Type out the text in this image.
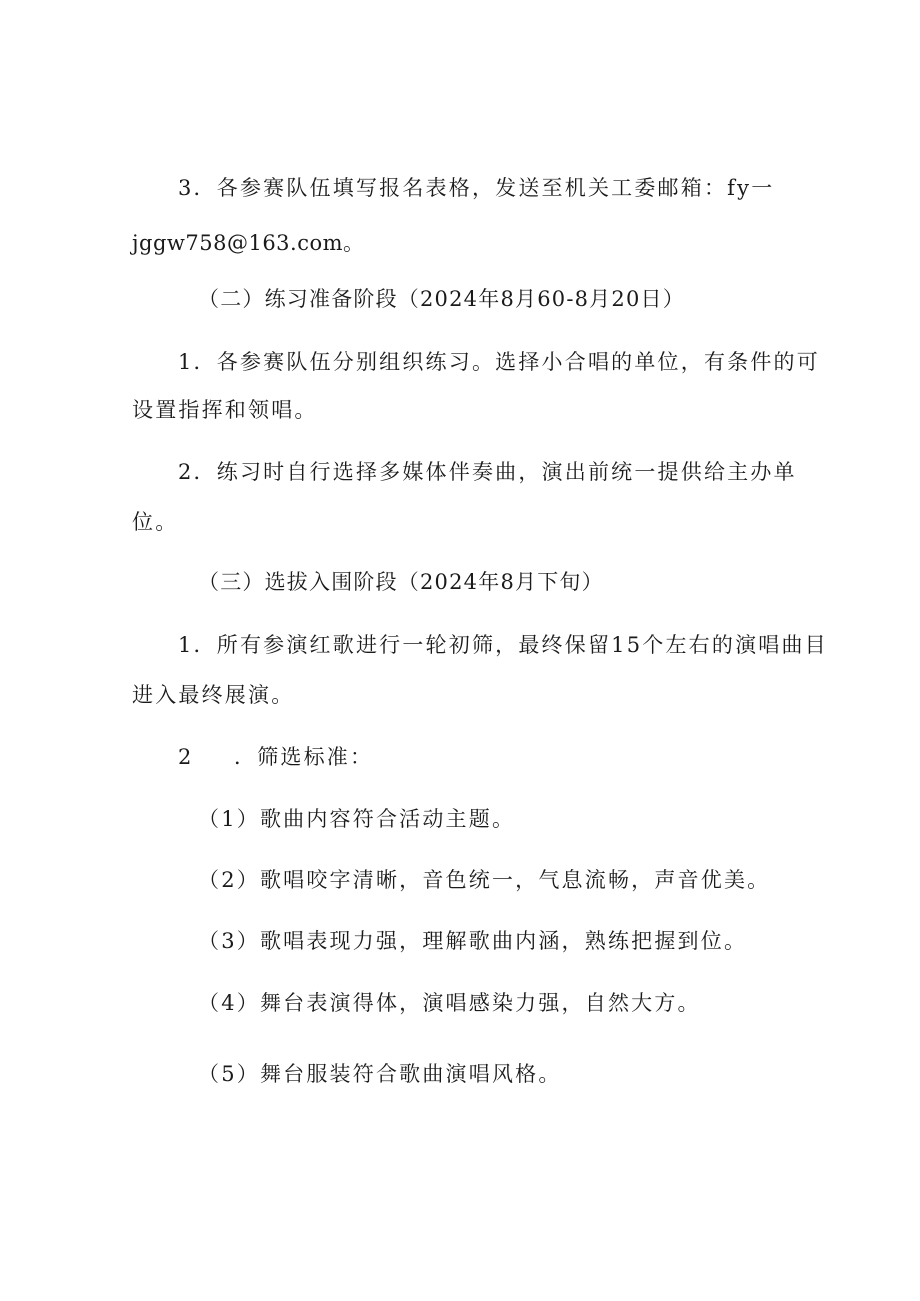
3．各参赛队伍填写报名表格，发送至机关工委邮箱：fy一
jggw758@163.com。
（二）练习准备阶段（2024年8月60-8月20日）
1．各参赛队伍分别组织练习。选择小合唱的单位，有条件的可
设置指挥和领唱。
2．练习时自行选择多媒体伴奏曲，演出前统一提供给主办单
位。
（三）选拔入围阶段（2024年8月下旬）
1．所有参演红歌进行一轮初筛，最终保留15个左右的演唱曲目
进入最终展演。
2 ．筛选标准：
（1）歌曲内容符合活动主题。
（2）歌唱咬字清晰，音色统一，气息流畅，声音优美。
（3）歌唱表现力强，理解歌曲内涵，熟练把握到位。
（4）舞台表演得体，演唱感染力强，自然大方。
（5）舞台服装符合歌曲演唱风格。
